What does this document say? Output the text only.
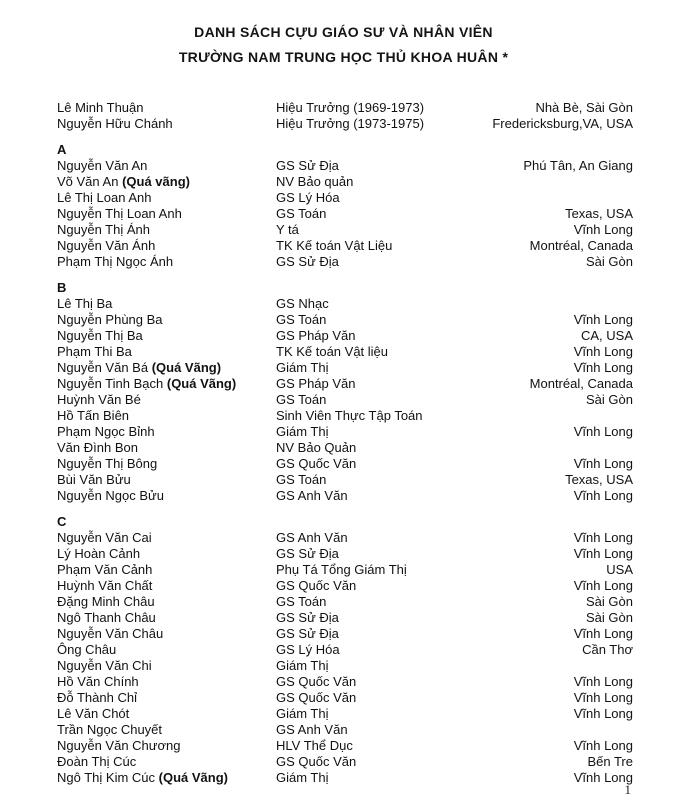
DANH SÁCH CỰU GIÁO SƯ VÀ NHÂN VIÊN
TRƯỜNG NAM TRUNG HỌC THỦ KHOA HUÂN *
Lê Minh Thuận	Hiệu Trưởng (1969-1973)	Nhà Bè, Sài Gòn
Nguyễn Hữu Chánh	Hiệu Trưởng (1973-1975)	Fredericksburg,VA, USA
A
Nguyễn Văn An	GS Sử Địa	Phú Tân, An Giang
Võ Văn An (Quá vãng)	NV Bảo quản
Lê Thị Loan Anh	GS Lý Hóa
Nguyễn Thị Loan Anh	GS Toán	Texas, USA
Nguyễn Thị Ánh	Y tá	Vĩnh Long
Nguyễn Văn Ánh	TK Kế toán Vật Liệu	Montréal, Canada
Phạm Thị Ngọc Ánh	GS Sử Địa	Sài Gòn
B
Lê Thị Ba	GS Nhạc
Nguyễn Phùng Ba	GS Toán	Vĩnh Long
Nguyễn Thị Ba	GS Pháp Văn	CA, USA
Phạm Thi Ba	TK Kế toán Vật liệu	Vĩnh Long
Nguyễn Văn Bá (Quá Vãng)	Giám Thị	Vĩnh Long
Nguyễn Tinh Bạch (Quá Vãng)	GS Pháp Văn	Montréal, Canada
Huỳnh Văn Bé	GS Toán	Sài Gòn
Hồ Tấn Biên	Sinh Viên Thực Tập Toán
Phạm Ngọc Bỉnh	Giám Thị	Vĩnh Long
Văn Đình Bon	NV Bảo Quản
Nguyễn Thị Bông	GS Quốc Văn	Vĩnh Long
Bùi Văn Bửu	GS Toán	Texas, USA
Nguyễn Ngọc Bửu	GS Anh Văn	Vĩnh Long
C
Nguyễn Văn Cai	GS Anh Văn	Vĩnh Long
Lý Hoàn Cảnh	GS Sử Địa	Vĩnh Long
Phạm Văn Cảnh	Phụ Tá Tổng Giám Thị	USA
Huỳnh Văn Chất	GS Quốc Văn	Vĩnh Long
Đặng Minh Châu	GS Toán	Sài Gòn
Ngô Thanh Châu	GS Sử Địa	Sài Gòn
Nguyễn Văn Châu	GS Sử Địa	Vĩnh Long
Ông Châu	GS Lý Hóa	Cần Thơ
Nguyễn Văn Chi	Giám Thị
Hồ Văn Chính	GS Quốc Văn	Vĩnh Long
Đỗ Thành Chỉ	GS Quốc Văn	Vĩnh Long
Lê Văn Chót	Giám Thị	Vĩnh Long
Trần Ngọc Chuyết	GS Anh Văn
Nguyễn Văn Chương	HLV Thể Dục	Vĩnh Long
Đoàn Thị Cúc	GS Quốc Văn	Bến Tre
Ngô Thị Kim Cúc (Quá Vãng)	Giám Thị	Vĩnh Long
1
